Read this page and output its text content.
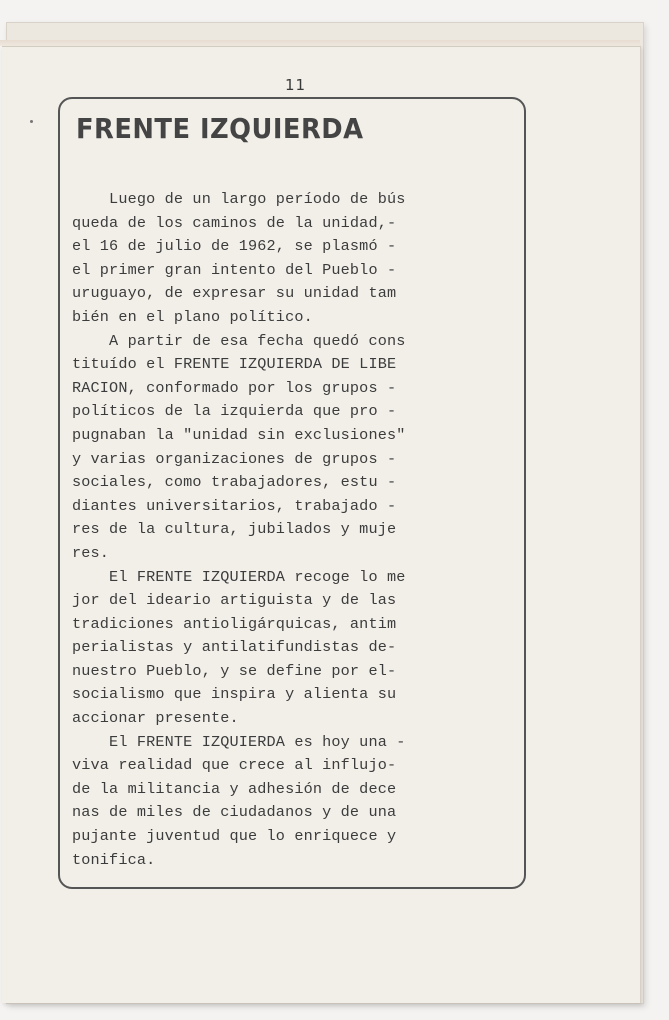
11
FRENTE IZQUIERDA
Luego de un largo período de bús
queda de los caminos de la unidad,-
el 16 de julio de 1962, se plasmó -
el primer gran intento del Pueblo -
uruguayo, de expresar su unidad tam
bién en el plano político.
A partir de esa fecha quedó cons
tituído el FRENTE IZQUIERDA DE LIBE
RACION, conformado por los grupos -
políticos de la izquierda que pro -
pugnaban la "unidad sin exclusiones"
y varias organizaciones de grupos -
sociales, como trabajadores, estu -
diantes universitarios, trabajado -
res de la cultura, jubilados y muje
res.
El FRENTE IZQUIERDA recoge lo me
jor del ideario artiguista y de las
tradiciones antioligárquicas, antim
perialistas y antilatifundistas de-
nuestro Pueblo, y se define por el-
socialismo que inspira y alienta su
accionar presente.
El FRENTE IZQUIERDA es hoy una -
viva realidad que crece al influjo-
de la militancia y adhesión de dece
nas de miles de ciudadanos y de una
pujante juventud que lo enriquece y
tonifica.
